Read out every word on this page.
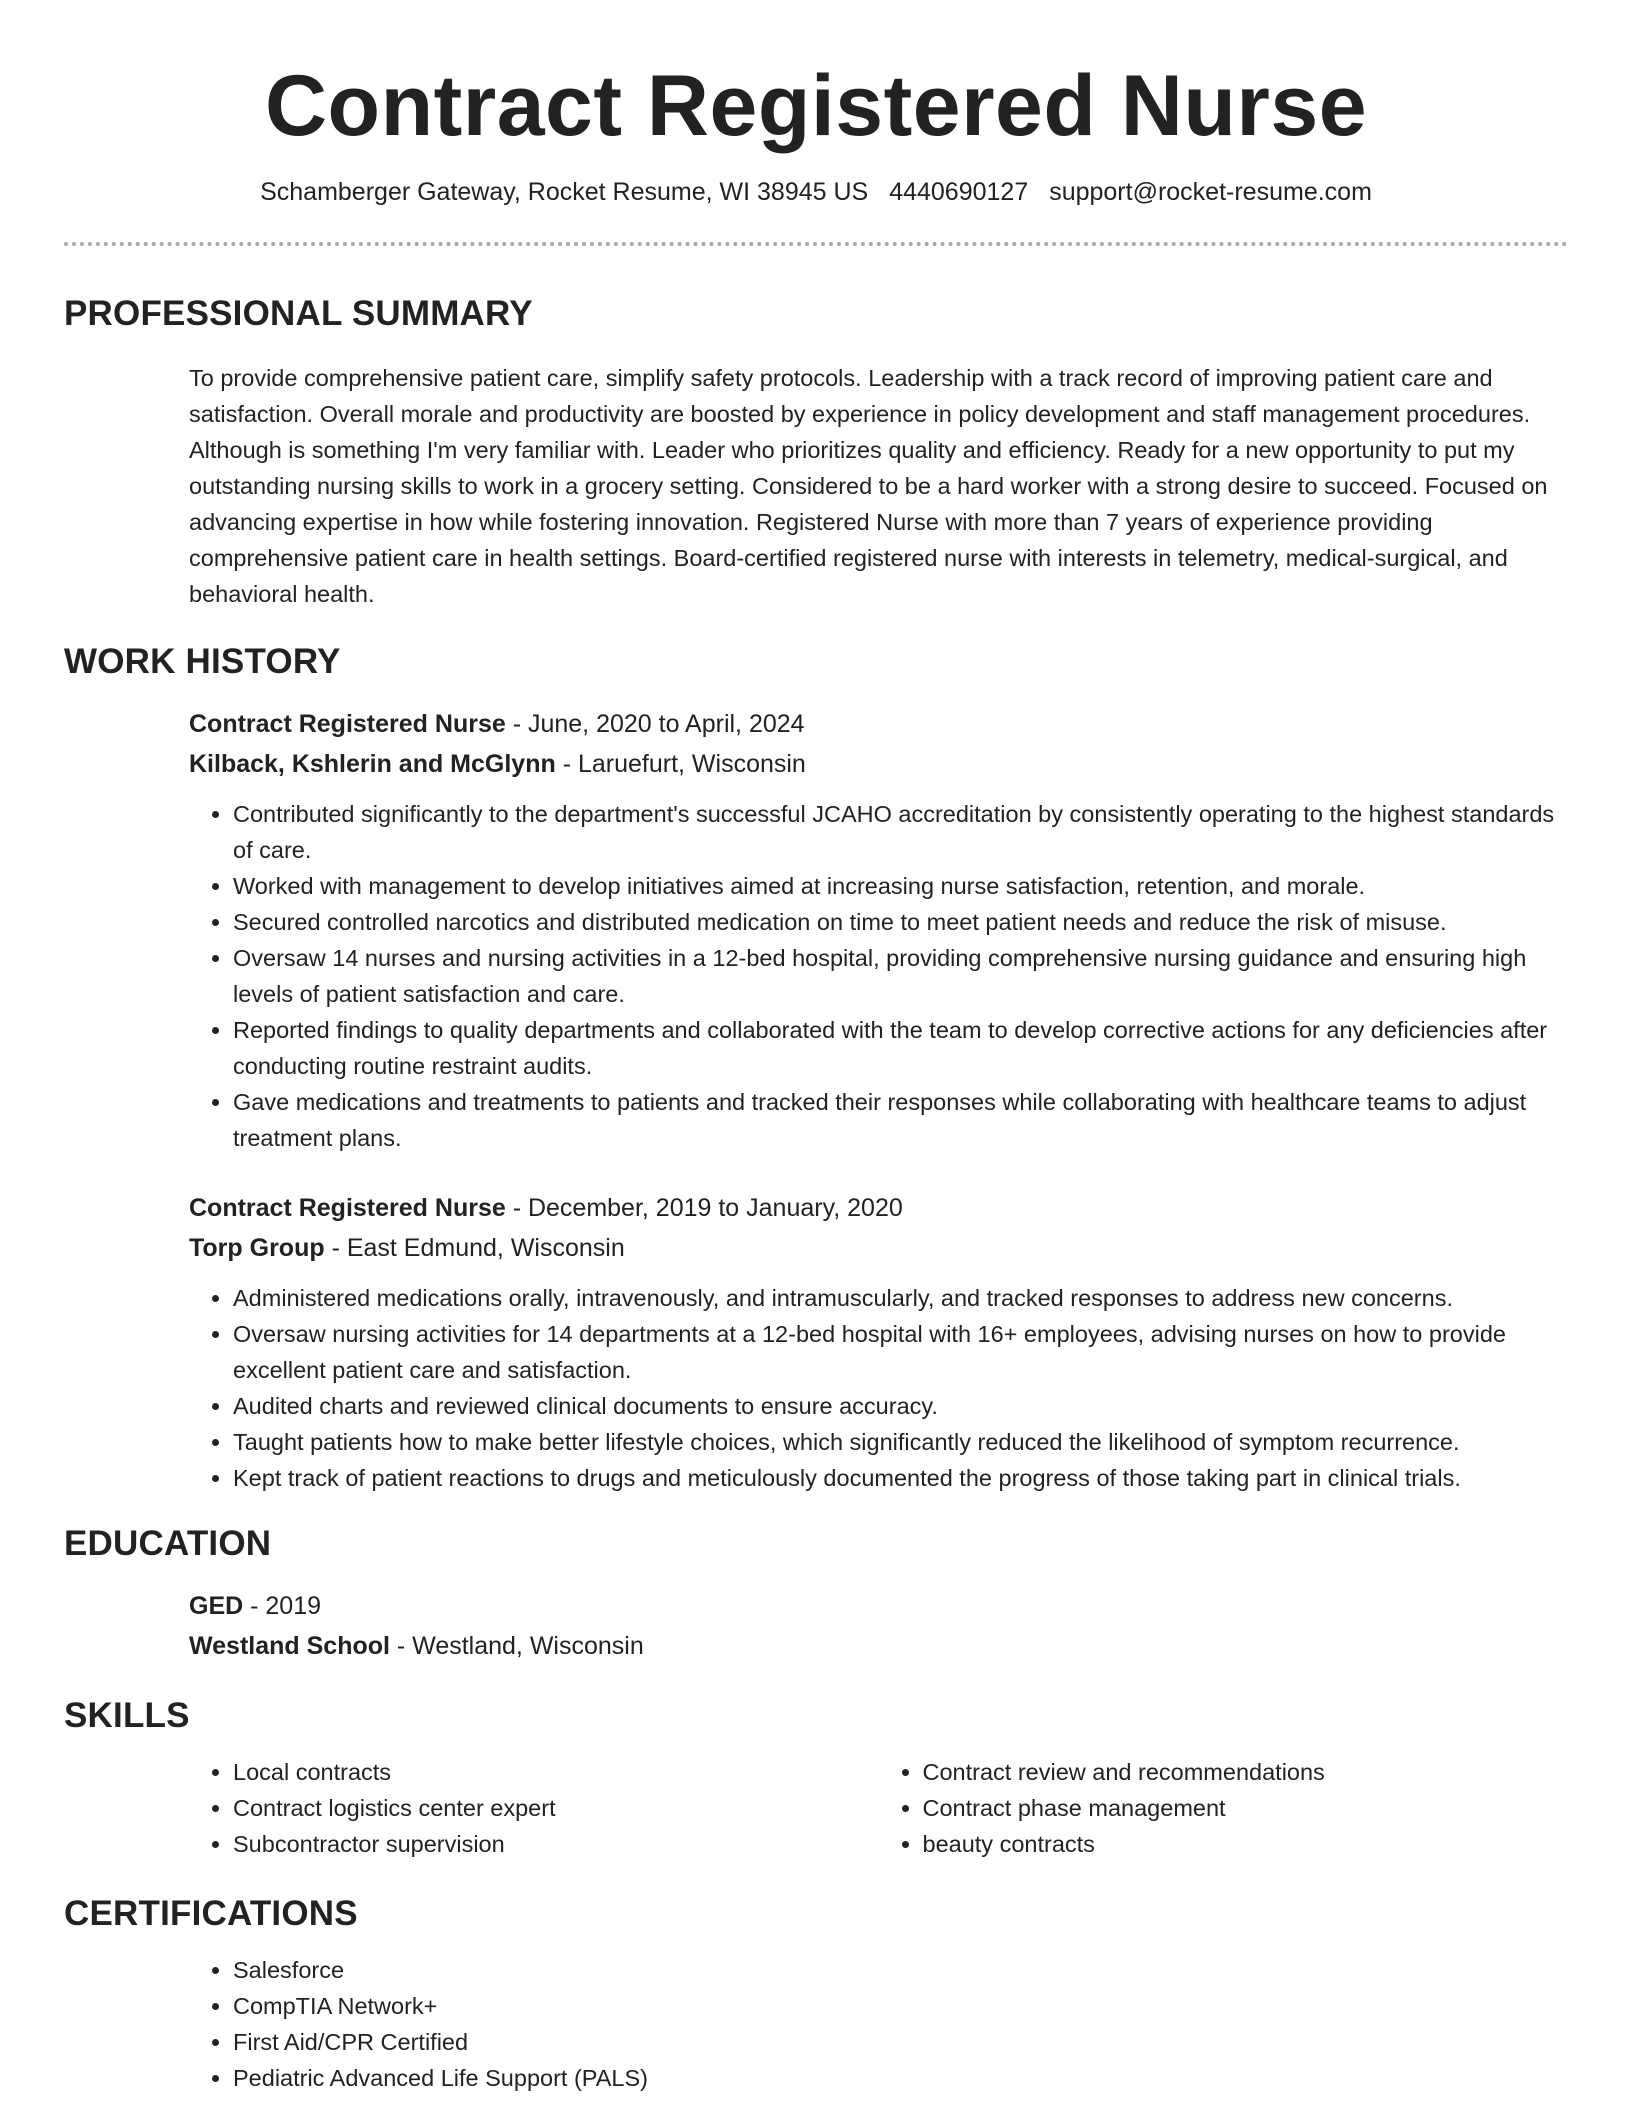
Contract Registered Nurse
Schamberger Gateway, Rocket Resume, WI 38945 US 4440690127 support@rocket-resume.com
PROFESSIONAL SUMMARY
To provide comprehensive patient care, simplify safety protocols. Leadership with a track record of improving patient care and satisfaction. Overall morale and productivity are boosted by experience in policy development and staff management procedures. Although is something I'm very familiar with. Leader who prioritizes quality and efficiency. Ready for a new opportunity to put my outstanding nursing skills to work in a grocery setting. Considered to be a hard worker with a strong desire to succeed. Focused on advancing expertise in how while fostering innovation. Registered Nurse with more than 7 years of experience providing comprehensive patient care in health settings. Board-certified registered nurse with interests in telemetry, medical-surgical, and behavioral health.
WORK HISTORY
Contract Registered Nurse - June, 2020 to April, 2024
Kilback, Kshlerin and McGlynn - Laruefurt, Wisconsin
• Contributed significantly to the department's successful JCAHO accreditation by consistently operating to the highest standards of care.
• Worked with management to develop initiatives aimed at increasing nurse satisfaction, retention, and morale.
• Secured controlled narcotics and distributed medication on time to meet patient needs and reduce the risk of misuse.
• Oversaw 14 nurses and nursing activities in a 12-bed hospital, providing comprehensive nursing guidance and ensuring high levels of patient satisfaction and care.
• Reported findings to quality departments and collaborated with the team to develop corrective actions for any deficiencies after conducting routine restraint audits.
• Gave medications and treatments to patients and tracked their responses while collaborating with healthcare teams to adjust treatment plans.
Contract Registered Nurse - December, 2019 to January, 2020
Torp Group - East Edmund, Wisconsin
• Administered medications orally, intravenously, and intramuscularly, and tracked responses to address new concerns.
• Oversaw nursing activities for 14 departments at a 12-bed hospital with 16+ employees, advising nurses on how to provide excellent patient care and satisfaction.
• Audited charts and reviewed clinical documents to ensure accuracy.
• Taught patients how to make better lifestyle choices, which significantly reduced the likelihood of symptom recurrence.
• Kept track of patient reactions to drugs and meticulously documented the progress of those taking part in clinical trials.
EDUCATION
GED - 2019
Westland School - Westland, Wisconsin
SKILLS
• Local contracts
• Contract logistics center expert
• Subcontractor supervision
• Contract review and recommendations
• Contract phase management
• beauty contracts
CERTIFICATIONS
• Salesforce
• CompTIA Network+
• First Aid/CPR Certified
• Pediatric Advanced Life Support (PALS)
